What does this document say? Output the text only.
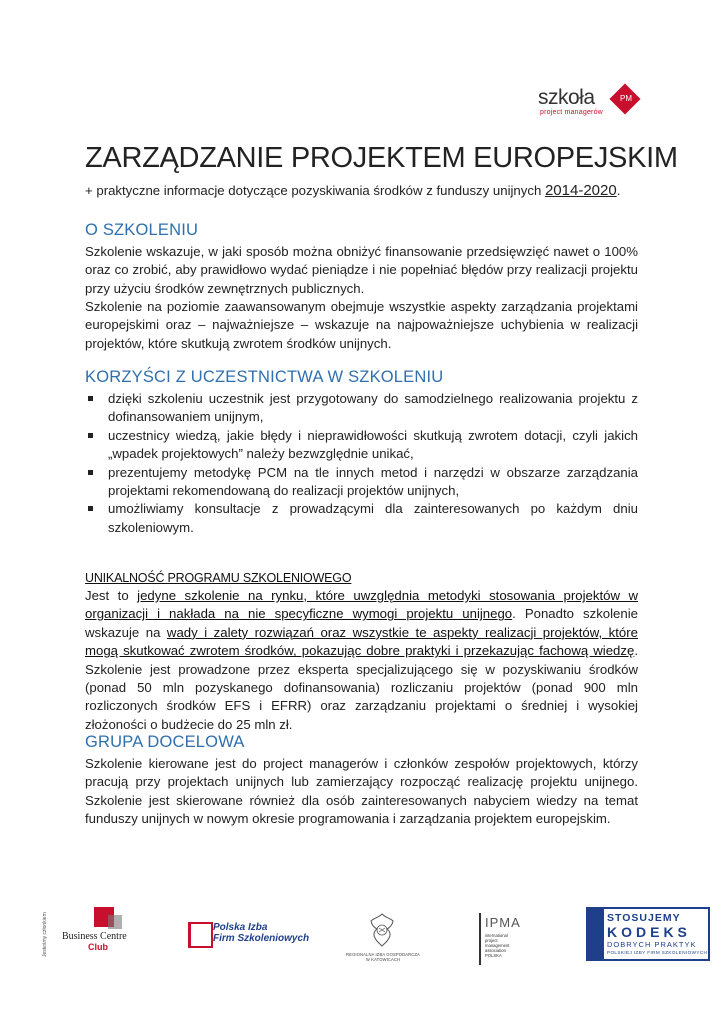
szkoła
project managerów
PM
ZARZĄDZANIE PROJEKTEM EUROPEJSKIM
+ praktyczne informacje dotyczące pozyskiwania środków z funduszy unijnych 2014-2020.
O SZKOLENIU

Szkolenie wskazuje, w jaki sposób można obniżyć finansowanie przedsięwzięć nawet o 100% oraz co zrobić, aby prawidłowo wydać pieniądze i nie popełniać błędów przy realizacji projektu przy użyciu środków zewnętrznych publicznych.

Szkolenie na poziomie zaawansowanym obejmuje wszystkie aspekty zarządzania projektami europejskimi oraz – najważniejsze – wskazuje na najpoważniejsze uchybienia w realizacji projektów, które skutkują zwrotem środków unijnych.

KORZYŚCI Z UCZESTNICTWA W SZKOLENIU
dzięki szkoleniu uczestnik jest przygotowany do samodzielnego realizowania projektu z dofinansowaniem unijnym,
uczestnicy wiedzą, jakie błędy i nieprawidłowości skutkują zwrotem dotacji, czyli jakich „wpadek projektowych” należy bezwzględnie unikać,
prezentujemy metodykę PCM na tle innych metod i narzędzi w obszarze zarządzania projektami rekomendowaną do realizacji projektów unijnych,
umożliwiamy konsultacje z prowadzącymi dla zainteresowanych po każdym dniu szkoleniowym.
UNIKALNOŚĆ PROGRAMU SZKOLENIOWEGO

Jest to jedyne szkolenie na rynku, które uwzględnia metodyki stosowania projektów w organizacji i nakłada na nie specyficzne wymogi projektu unijnego. Ponadto szkolenie wskazuje na wady i zalety rozwiązań oraz wszystkie te aspekty realizacji projektów, które mogą skutkować zwrotem środków, pokazując dobre praktyki i przekazując fachową wiedzę. Szkolenie jest prowadzone przez eksperta specjalizującego się w pozyskiwaniu środków (ponad 50 mln pozyskanego dofinansowania) rozliczaniu projektów (ponad 900 mln rozliczonych środków EFS i EFRR) oraz zarządzaniu projektami o średniej i wysokiej złożoności o budżecie do 25 mln zł.

GRUPA DOCELOWA

Szkolenie kierowane jest do project managerów i członków zespołów projektowych, którzy pracują przy projektach unijnych lub zamierzający rozpocząć realizację projektu unijnego. Szkolenie jest skierowane również dla osób zainteresowanych nabyciem wiedzy na temat funduszy unijnych w nowym okresie programowania i zarządzania projektem europejskim.

Jesteśmy członkiem	Business Centre
Club
Polska Izba
Firm Szkoleniowych
REGIONALNA IZBA GOSPODARCZA
W KATOWICACH
IPMA
international
project
management
association
POLSKA
STOSUJEMY
KODEKS
DOBRYCH PRAKTYK
POLSKIEJ IZBY FIRM SZKOLENIOWYCH
